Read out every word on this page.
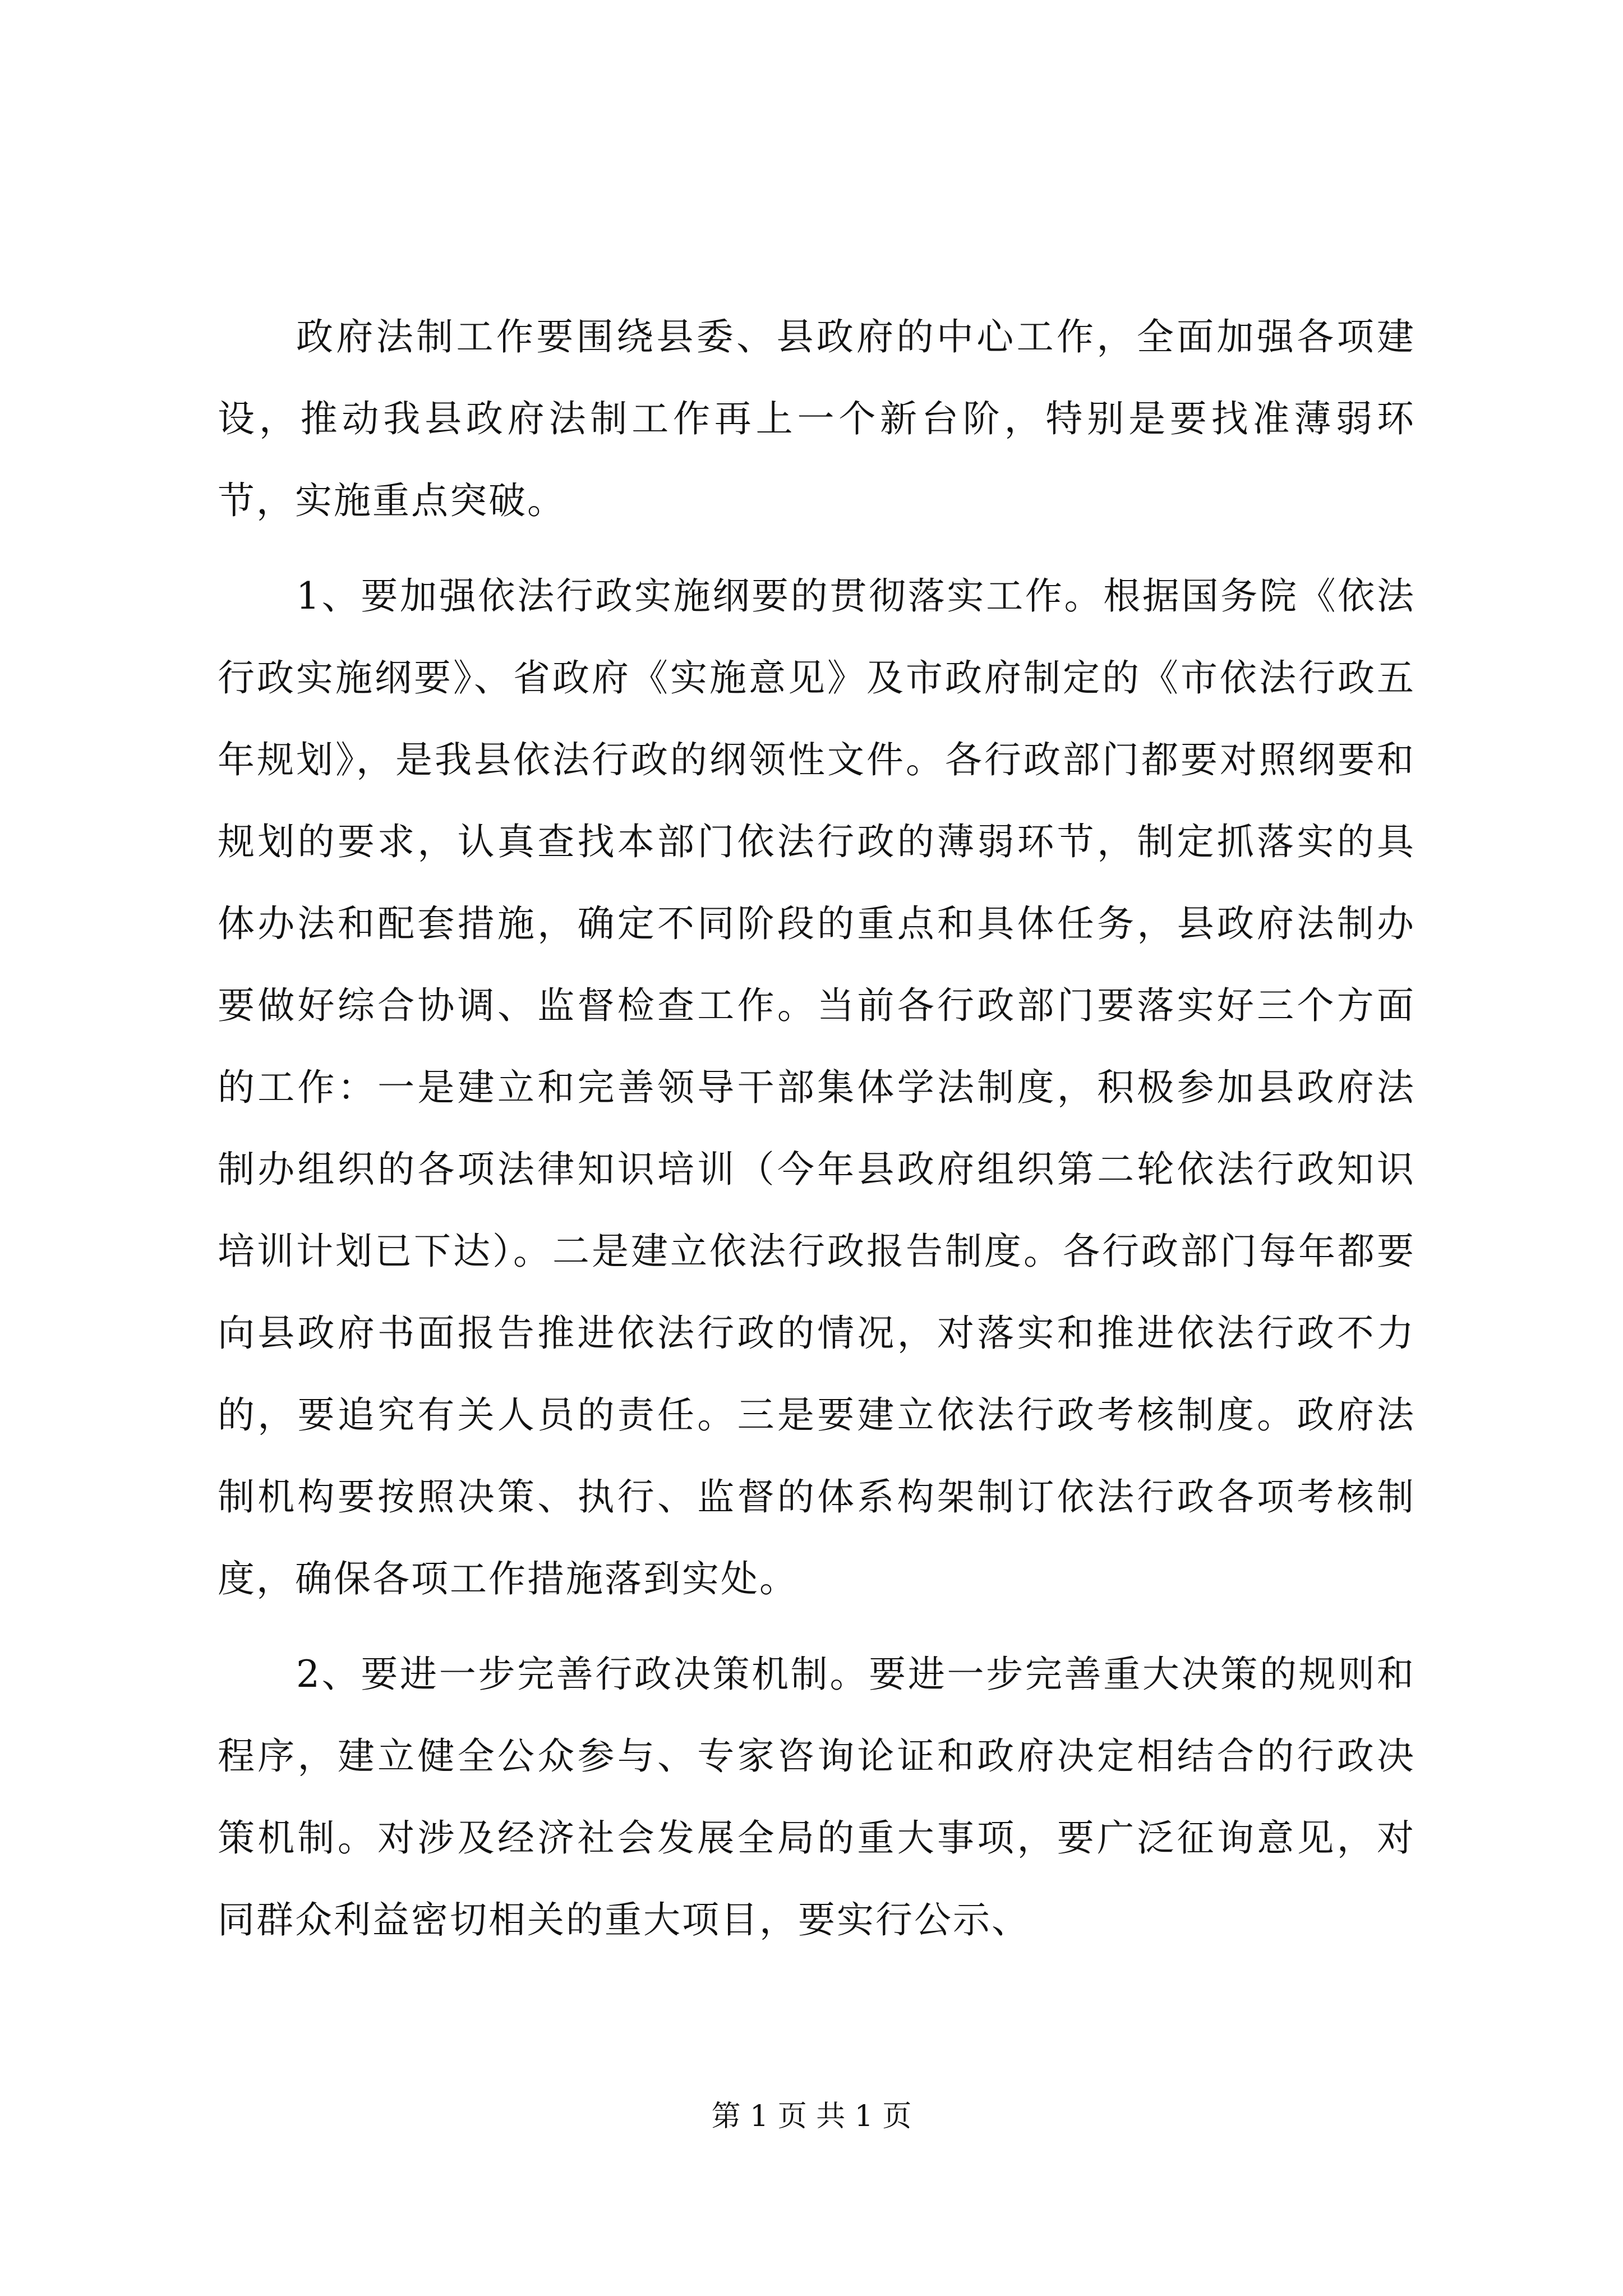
政府法制工作要围绕县委、县政府的中心工作，全面加强各项建设，推动我县政府法制工作再上一个新台阶，特别是要找准薄弱环节，实施重点突破。

1、要加强依法行政实施纲要的贯彻落实工作。根据国务院《依法行政实施纲要》、省政府《实施意见》及市政府制定的《市依法行政五年规划》，是我县依法行政的纲领性文件。各行政部门都要对照纲要和规划的要求，认真查找本部门依法行政的薄弱环节，制定抓落实的具体办法和配套措施，确定不同阶段的重点和具体任务，县政府法制办要做好综合协调、监督检查工作。当前各行政部门要落实好三个方面的工作：一是建立和完善领导干部集体学法制度，积极参加县政府法制办组织的各项法律知识培训（今年县政府组织第二轮依法行政知识培训计划已下达）。二是建立依法行政报告制度。各行政部门每年都要向县政府书面报告推进依法行政的情况，对落实和推进依法行政不力的，要追究有关人员的责任。三是要建立依法行政考核制度。政府法制机构要按照决策、执行、监督的体系构架制订依法行政各项考核制度，确保各项工作措施落到实处。

2、要进一步完善行政决策机制。要进一步完善重大决策的规则和程序，建立健全公众参与、专家咨询论证和政府决定相结合的行政决策机制。对涉及经济社会发展全局的重大事项，要广泛征询意见，对同群众利益密切相关的重大项目，要实行公示、

第 1 页 共 1 页
